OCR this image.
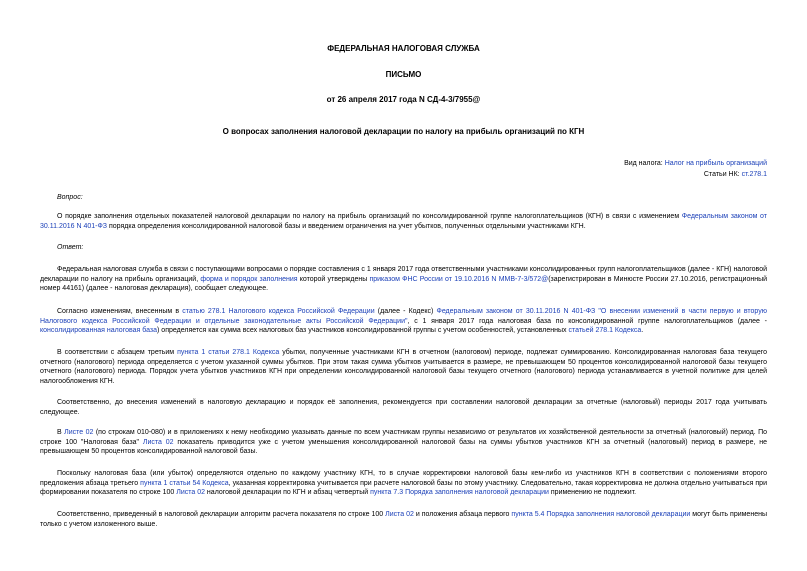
ФЕДЕРАЛЬНАЯ НАЛОГОВАЯ СЛУЖБА
ПИСЬМО
от 26 апреля 2017 года N СД-4-3/7955@
О вопросах заполнения налоговой декларации по налогу на прибыль организаций по КГН
Вид налога: Налог на прибыль организаций
Статьи НК: ст.278.1
Вопрос:
О порядке заполнения отдельных показателей налоговой декларации по налогу на прибыль организаций по консолидированной группе налогоплательщиков (КГН) в связи с изменением Федеральным законом от 30.11.2016 N 401-ФЗ порядка определения консолидированной налоговой базы и введением ограничения на учет убытков, полученных отдельными участниками КГН.
Ответ:
Федеральная налоговая служба в связи с поступающими вопросами о порядке составления с 1 января 2017 года ответственными участниками консолидированных групп налогоплательщиков (далее - КГН) налоговой декларации по налогу на прибыль организаций, форма и порядок заполнения которой утверждены приказом ФНС России от 19.10.2016 N ММВ-7-3/572@(зарегистрирован в Минюсте России 27.10.2016, регистрационный номер 44161) (далее - налоговая декларация), сообщает следующее.
Согласно изменениям, внесенным в статью 278.1 Налогового кодекса Российской Федерации (далее - Кодекс) Федеральным законом от 30.11.2016 N 401-ФЗ "О внесении изменений в части первую и вторую Налогового кодекса Российской Федерации и отдельные законодательные акты Российской Федерации", с 1 января 2017 года налоговая база по консолидированной группе налогоплательщиков (далее - консолидированная налоговая база) определяется как сумма всех налоговых баз участников консолидированной группы с учетом особенностей, установленных статьей 278.1 Кодекса.
В соответствии с абзацем третьим пункта 1 статьи 278.1 Кодекса убытки, полученные участниками КГН в отчетном (налоговом) периоде, подлежат суммированию. Консолидированная налоговая база текущего отчетного (налогового) периода определяется с учетом указанной суммы убытков. При этом такая сумма убытков учитывается в размере, не превышающем 50 процентов консолидированной налоговой базы текущего отчетного (налогового) периода. Порядок учета убытков участников КГН при определении консолидированной налоговой базы текущего отчетного (налогового) периода устанавливается в учетной политике для целей налогообложения КГН.
Соответственно, до внесения изменений в налоговую декларацию и порядок её заполнения, рекомендуется при составлении налоговой декларации за отчетные (налоговый) периоды 2017 года учитывать следующее.
В Листе 02 (по строкам 010-080) и в приложениях к нему необходимо указывать данные по всем участникам группы независимо от результатов их хозяйственной деятельности за отчетный (налоговый) период. По строке 100 "Налоговая база" Листа 02 показатель приводится уже с учетом уменьшения консолидированной налоговой базы на суммы убытков участников КГН за отчетный (налоговый) период в размере, не превышающем 50 процентов консолидированной налоговой базы.
Поскольку налоговая база (или убыток) определяются отдельно по каждому участнику КГН, то в случае корректировки налоговой базы кем-либо из участников КГН в соответствии с положениями второго предложения абзаца третьего пункта 1 статьи 54 Кодекса, указанная корректировка учитывается при расчете налоговой базы по этому участнику. Следовательно, такая корректировка не должна отдельно учитываться при формировании показателя по строке 100 Листа 02 налоговой декларации по КГН и абзац четвертый пункта 7.3 Порядка заполнения налоговой декларации применению не подлежит.
Соответственно, приведенный в налоговой декларации алгоритм расчета показателя по строке 100 Листа 02 и положения абзаца первого пункта 5.4 Порядка заполнения налоговой декларации могут быть применены только с учетом изложенного выше.
